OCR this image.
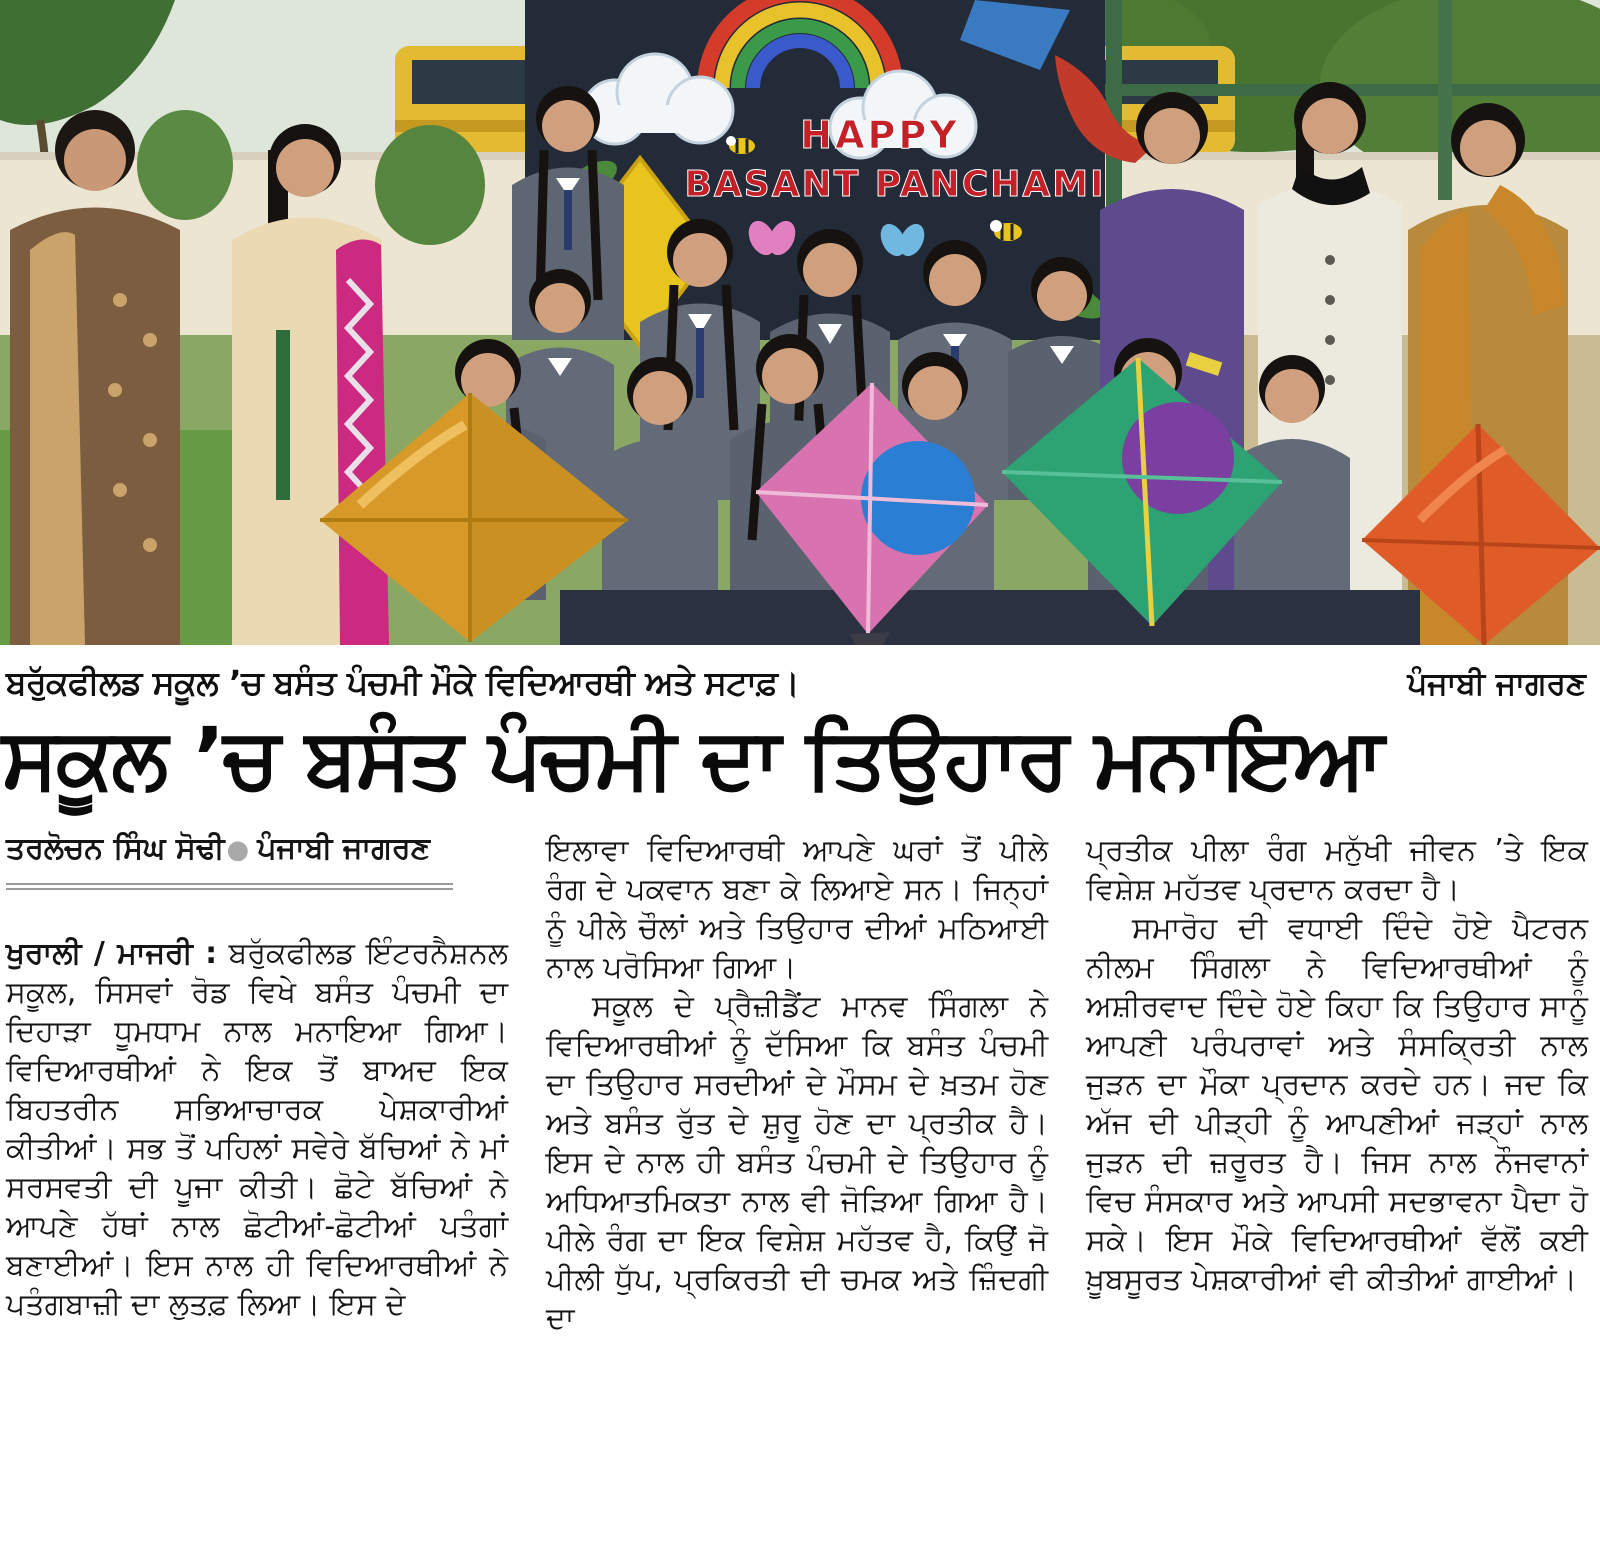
HAPPY
BASANT PANCHAMI
ਬਰੁੱਕਫੀਲਡ ਸਕੂਲ ’ਚ ਬਸੰਤ ਪੰਚਮੀ ਮੌਕੇ ਵਿਦਿਆਰਥੀ ਅਤੇ ਸਟਾਫ਼।	ਪੰਜਾਬੀ ਜਾਗਰਣ
ਸਕੂਲ ’ਚ ਬਸੰਤ ਪੰਚਮੀ ਦਾ ਤਿਉਹਾਰ ਮਨਾਇਆ
ਤਰਲੋਚਨ ਸਿੰਘ ਸੋਢੀ● ਪੰਜਾਬੀ ਜਾਗਰਣ

ਖੁਰਾਲੀ / ਮਾਜਰੀ : ਬਰੁੱਕਫੀਲਡ ਇੰਟਰਨੈਸ਼ਨਲ ਸਕੂਲ, ਸਿਸਵਾਂ ਰੋਡ ਵਿਖੇ ਬਸੰਤ ਪੰਚਮੀ ਦਾ ਦਿਹਾੜਾ ਧੂਮਧਾਮ ਨਾਲ ਮਨਾਇਆ ਗਿਆ। ਵਿਦਿਆਰਥੀਆਂ ਨੇ ਇਕ ਤੋਂ ਬਾਅਦ ਇਕ ਬਿਹਤਰੀਨ ਸਭਿਆਚਾਰਕ ਪੇਸ਼ਕਾਰੀਆਂ ਕੀਤੀਆਂ। ਸਭ ਤੋਂ ਪਹਿਲਾਂ ਸਵੇਰੇ ਬੱਚਿਆਂ ਨੇ ਮਾਂ ਸਰਸਵਤੀ ਦੀ ਪੂਜਾ ਕੀਤੀ। ਛੋਟੇ ਬੱਚਿਆਂ ਨੇ ਆਪਣੇ ਹੱਥਾਂ ਨਾਲ ਛੋਟੀਆਂ-ਛੋਟੀਆਂ ਪਤੰਗਾਂ ਬਣਾਈਆਂ। ਇਸ ਨਾਲ ਹੀ ਵਿਦਿਆਰਥੀਆਂ ਨੇ ਪਤੰਗਬਾਜ਼ੀ ਦਾ ਲੁਤਫ਼ ਲਿਆ। ਇਸ ਦੇ

ਇਲਾਵਾ ਵਿਦਿਆਰਥੀ ਆਪਣੇ ਘਰਾਂ ਤੋਂ ਪੀਲੇ ਰੰਗ ਦੇ ਪਕਵਾਨ ਬਣਾ ਕੇ ਲਿਆਏ ਸਨ। ਜਿਨ੍ਹਾਂ ਨੂੰ ਪੀਲੇ ਚੌਲਾਂ ਅਤੇ ਤਿਉਹਾਰ ਦੀਆਂ ਮਠਿਆਈ ਨਾਲ ਪਰੋਸਿਆ ਗਿਆ।

ਸਕੂਲ ਦੇ ਪ੍ਰੈਜ਼ੀਡੈਂਟ ਮਾਨਵ ਸਿੰਗਲਾ ਨੇ ਵਿਦਿਆਰਥੀਆਂ ਨੂੰ ਦੱਸਿਆ ਕਿ ਬਸੰਤ ਪੰਚਮੀ ਦਾ ਤਿਉਹਾਰ ਸਰਦੀਆਂ ਦੇ ਮੌਸਮ ਦੇ ਖ਼ਤਮ ਹੋਣ ਅਤੇ ਬਸੰਤ ਰੁੱਤ ਦੇ ਸ਼ੁਰੂ ਹੋਣ ਦਾ ਪ੍ਰਤੀਕ ਹੈ। ਇਸ ਦੇ ਨਾਲ ਹੀ ਬਸੰਤ ਪੰਚਮੀ ਦੇ ਤਿਉਹਾਰ ਨੂੰ ਅਧਿਆਤਮਿਕਤਾ ਨਾਲ ਵੀ ਜੋੜਿਆ ਗਿਆ ਹੈ। ਪੀਲੇ ਰੰਗ ਦਾ ਇਕ ਵਿਸ਼ੇਸ਼ ਮਹੱਤਵ ਹੈ, ਕਿਉਂ ਜੋ ਪੀਲੀ ਧੁੱਪ, ਪ੍ਰਕਿਰਤੀ ਦੀ ਚਮਕ ਅਤੇ ਜ਼ਿੰਦਗੀ ਦਾ

ਪ੍ਰਤੀਕ ਪੀਲਾ ਰੰਗ ਮਨੁੱਖੀ ਜੀਵਨ ’ਤੇ ਇਕ ਵਿਸ਼ੇਸ਼ ਮਹੱਤਵ ਪ੍ਰਦਾਨ ਕਰਦਾ ਹੈ।

ਸਮਾਰੋਹ ਦੀ ਵਧਾਈ ਦਿੰਦੇ ਹੋਏ ਪੈਟਰਨ ਨੀਲਮ ਸਿੰਗਲਾ ਨੇ ਵਿਦਿਆਰਥੀਆਂ ਨੂੰ ਅਸ਼ੀਰਵਾਦ ਦਿੰਦੇ ਹੋਏ ਕਿਹਾ ਕਿ ਤਿਉਹਾਰ ਸਾਨੂੰ ਆਪਣੀ ਪਰੰਪਰਾਵਾਂ ਅਤੇ ਸੰਸਕ੍ਰਿਤੀ ਨਾਲ ਜੁੜਨ ਦਾ ਮੌਕਾ ਪ੍ਰਦਾਨ ਕਰਦੇ ਹਨ। ਜਦ ਕਿ ਅੱਜ ਦੀ ਪੀੜ੍ਹੀ ਨੂੰ ਆਪਣੀਆਂ ਜੜ੍ਹਾਂ ਨਾਲ ਜੁੜਨ ਦੀ ਜ਼ਰੂਰਤ ਹੈ। ਜਿਸ ਨਾਲ ਨੌਜਵਾਨਾਂ ਵਿਚ ਸੰਸਕਾਰ ਅਤੇ ਆਪਸੀ ਸਦਭਾਵਨਾ ਪੈਦਾ ਹੋ ਸਕੇ। ਇਸ ਮੌਕੇ ਵਿਦਿਆਰਥੀਆਂ ਵੱਲੋਂ ਕਈ ਖ਼ੂਬਸੂਰਤ ਪੇਸ਼ਕਾਰੀਆਂ ਵੀ ਕੀਤੀਆਂ ਗਾਈਆਂ।
